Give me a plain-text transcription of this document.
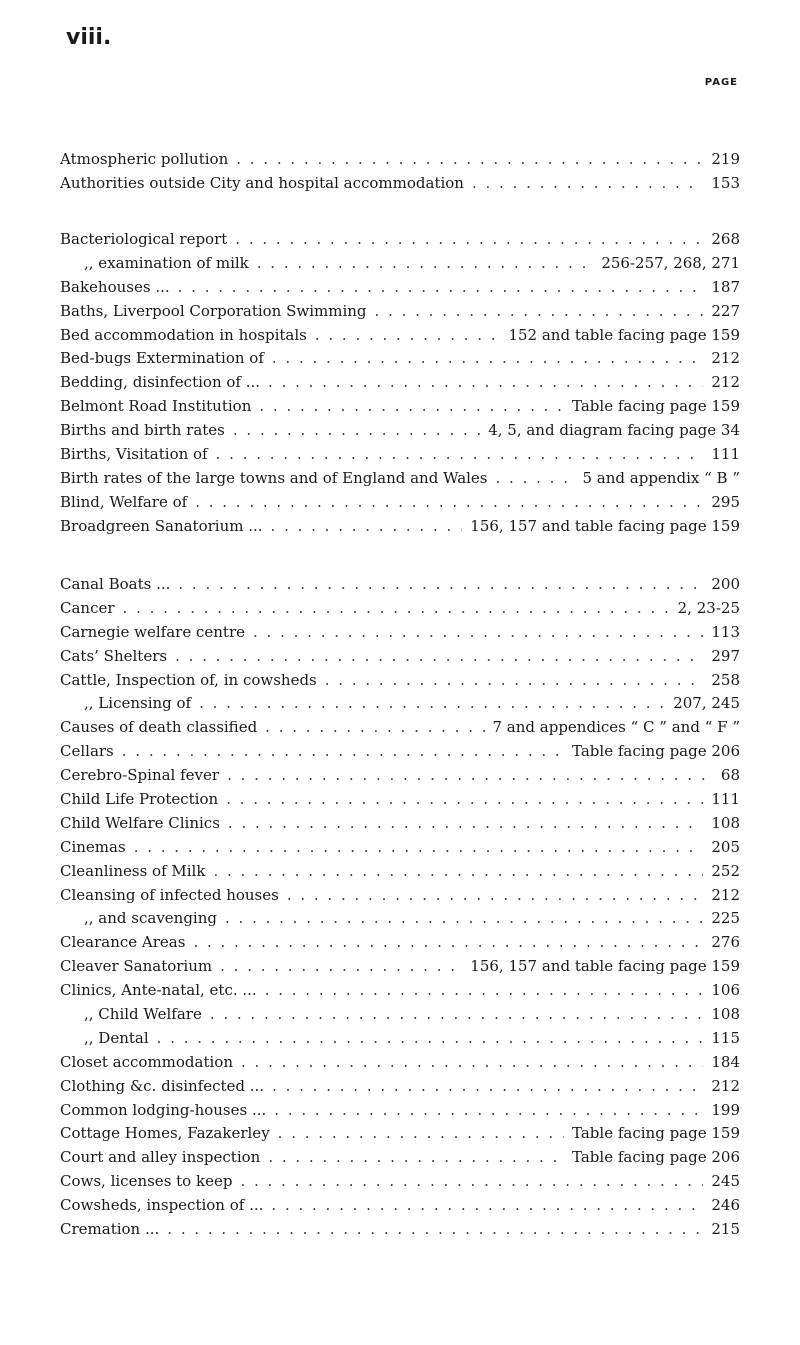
viii.
PAGE
Atmospheric pollution . . .	219
Authorities outside City and hospital accommodation . . .	153
Bacteriological report . . .	268
,, examination of milk . . .	256-257, 268, 271
Bakehouses ... . . .	187
Baths, Liverpool Corporation Swimming . . .	227
Bed accommodation in hospitals . . .	152 and table facing page 159
Bed-bugs Extermination of . . .	212
Bedding, disinfection of ... . . .	212
Belmont Road Institution . . .	Table facing page 159
Births and birth rates . . .	4, 5, and diagram facing page 34
Births, Visitation of . . .	111
Birth rates of the large towns and of England and Wales . . .	5 and appendix “ B ”
Blind, Welfare of . . .	295
Broadgreen Sanatorium ... . . .	156, 157 and table facing page 159
Canal Boats ... . . .	200
Cancer . . .	2, 23-25
Carnegie welfare centre . . .	113
Cats’ Shelters . . .	297
Cattle, Inspection of, in cowsheds . . .	258
,, Licensing of . . .	207, 245
Causes of death classified . . .	7 and appendices “ C ” and “ F ”
Cellars . . .	Table facing page 206
Cerebro-Spinal fever . . .	68
Child Life Protection . . .	111
Child Welfare Clinics . . .	108
Cinemas . . .	205
Cleanliness of Milk . . .	252
Cleansing of infected houses . . .	212
,, and scavenging . . .	225
Clearance Areas . . .	276
Cleaver Sanatorium . . .	156, 157 and table facing page 159
Clinics, Ante-natal, etc. ... . . .	106
,, Child Welfare . . .	108
,, Dental . . .	115
Closet accommodation . . .	184
Clothing &c. disinfected ... . . .	212
Common lodging-houses ... . . .	199
Cottage Homes, Fazakerley . . .	Table facing page 159
Court and alley inspection . . .	Table facing page 206
Cows, licenses to keep . . .	245
Cowsheds, inspection of ... . . .	246
Cremation ... . . .	215
